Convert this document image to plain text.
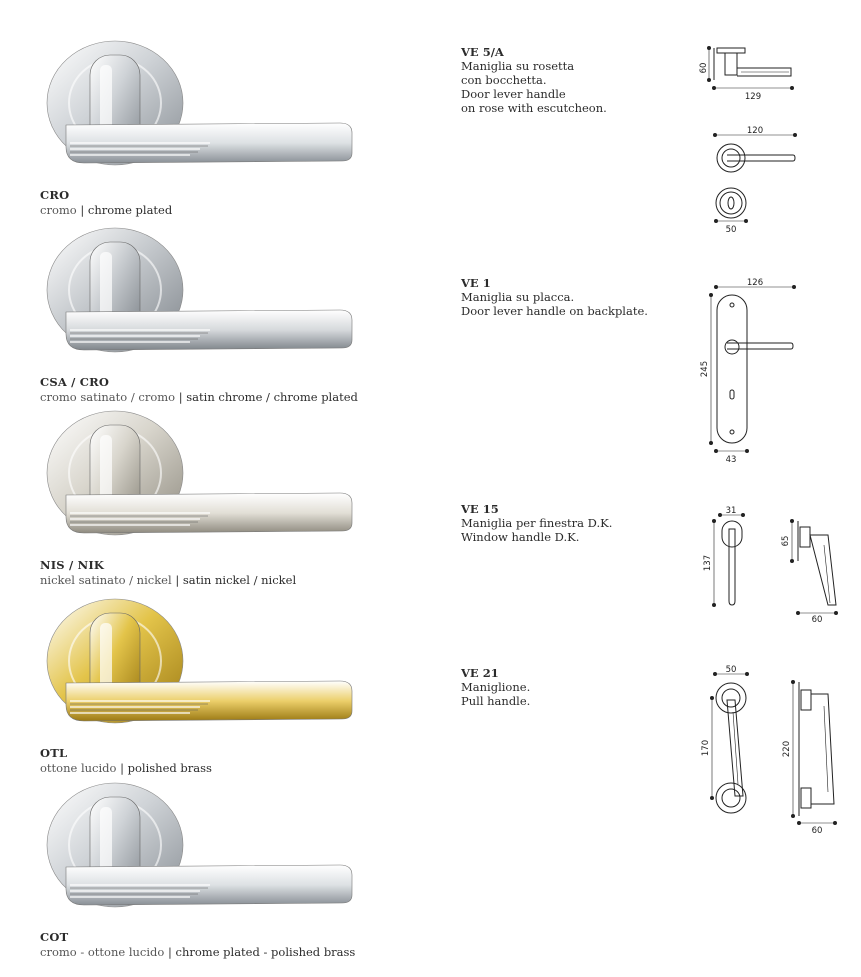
CRO
cromo | chrome plated
CSA / CRO
cromo satinato / cromo | satin chrome / chrome plated
NIS / NIK
nickel satinato / nickel | satin nickel / nickel
OTL
ottone lucido | polished brass
COT
cromo - ottone lucido | chrome plated - polished brass
VE 5/A
Maniglia su rosetta
con bocchetta.
Door lever handle
on rose with escutcheon.
VE 1
Maniglia su placca.
Door lever handle on backplate.
VE 15
Maniglia per finestra D.K.
Window handle D.K.
VE 21
Maniglione.
Pull handle.
60
129
120
50
126
245
43
31
137
65
60
50
170	220
60
